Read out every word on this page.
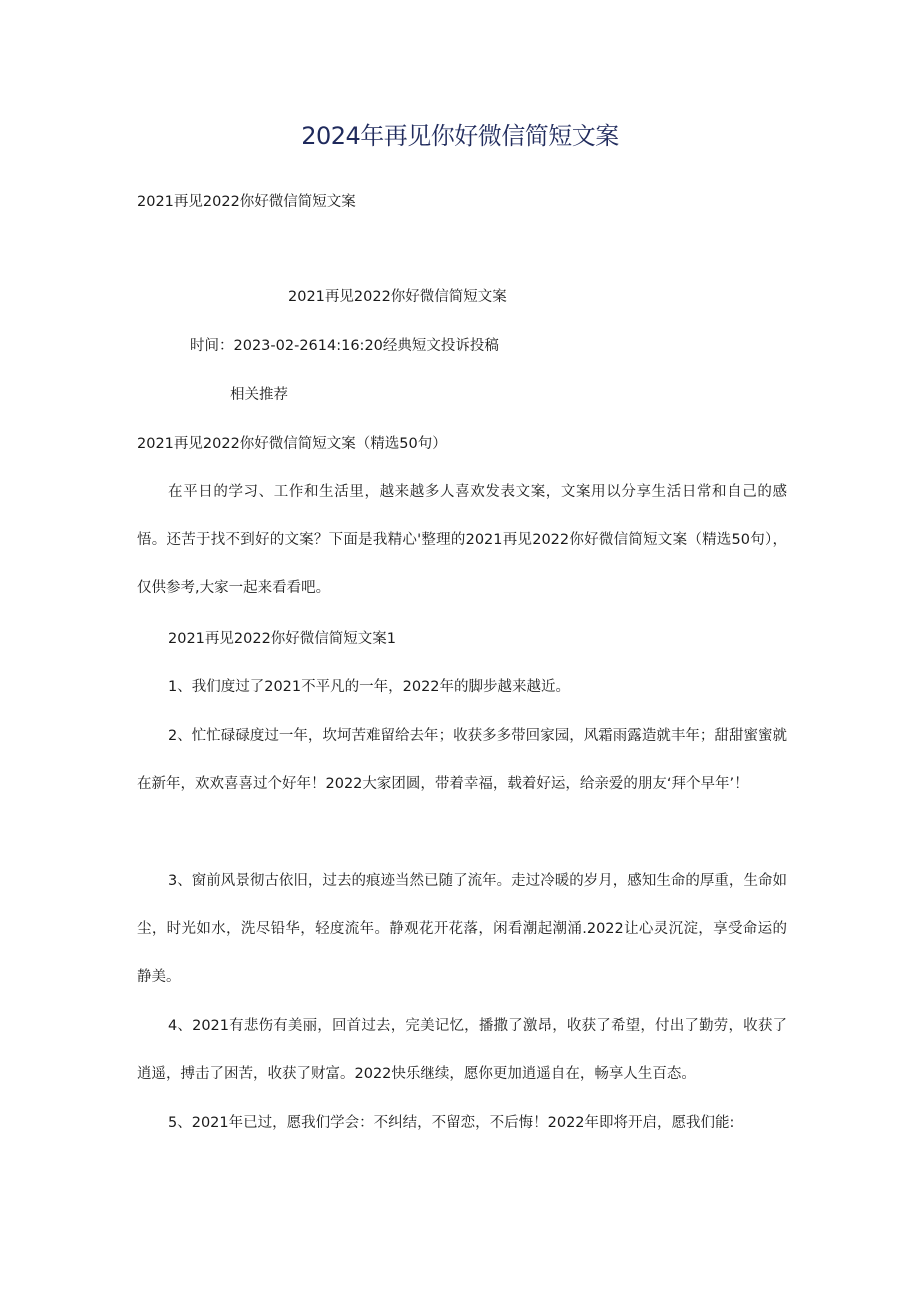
2024年再见你好微信简短文案
2021再见2022你好微信简短文案
2021再见2022你好微信简短文案
时间：2023-02-2614:16:20经典短文投诉投稿
相关推荐
2021再见2022你好微信简短文案（精选50句）
在平日的学习、工作和生活里，越来越多人喜欢发表文案，文案用以分享生活日常和自己的感悟。还苦于找不到好的文案？下面是我精心'整理的2021再见2022你好微信简短文案（精选50句），仅供参考,大家一起来看看吧。
2021再见2022你好微信简短文案1
1、我们度过了2021不平凡的一年，2022年的脚步越来越近。
2、忙忙碌碌度过一年，坎坷苦难留给去年；收获多多带回家园，风霜雨露造就丰年；甜甜蜜蜜就在新年，欢欢喜喜过个好年！2022大家团圆，带着幸福，载着好运，给亲爱的朋友‘拜个早年’！
3、窗前风景彻古依旧，过去的痕迹当然已随了流年。走过冷暖的岁月，感知生命的厚重，生命如尘，时光如水，洗尽铅华，轻度流年。静观花开花落，闲看潮起潮涌.2022让心灵沉淀，享受命运的静美。
4、2021有悲伤有美丽，回首过去，完美记忆，播撒了激昂，收获了希望，付出了勤劳，收获了逍遥，搏击了困苦，收获了财富。2022快乐继续，愿你更加逍遥自在，畅享人生百态。
5、2021年已过，愿我们学会：不纠结，不留恋，不后悔！2022年即将开启，愿我们能:
